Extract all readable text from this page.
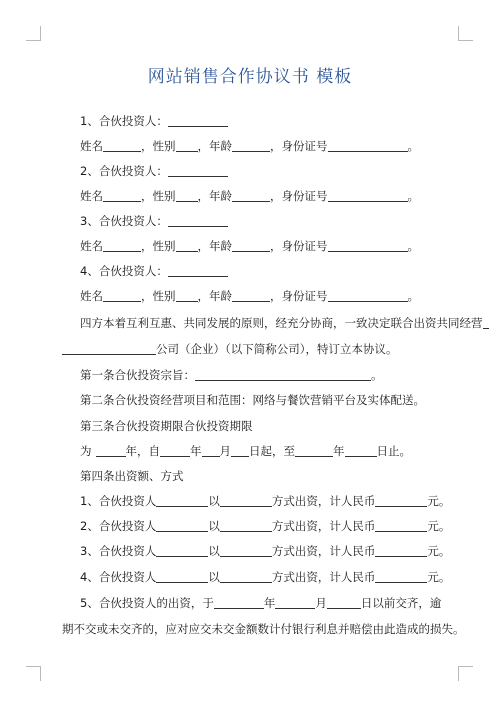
网站销售合作协议书 模板
1、合伙投资人：
姓名	，性别 ，年龄	，身份证号	。
2、合伙投资人：
姓名	，性别 ，年龄	，身份证号	。
3、合伙投资人：
姓名	，性别 ，年龄	，身份证号	。
4、合伙投资人：
姓名	，性别 ，年龄	，身份证号	。
四方本着互利互惠、共同发展的原则，经充分协商，一致决定联合出资共同经营
公司（企业）（以下简称公司），特订立本协议。
第一条合伙投资宗旨：	。
第二条合伙投资经营项目和范围：网络与餐饮营销平台及实体配送。
第三条合伙投资期限合伙投资期限
为	年，自	年 月 日起，至	年	日止。
第四条出资额、方式
1、合伙投资人	以	方式出资，计人民币	元。
2、合伙投资人	以	方式出资，计人民币	元。
3、合伙投资人	以	方式出资，计人民币	元。
4、合伙投资人	以	方式出资，计人民币	元。
5、合伙投资人的出资，于	年	月	日以前交齐，逾
期不交或未交齐的，应对应交未交金额数计付银行利息并赔偿由此造成的损失。
